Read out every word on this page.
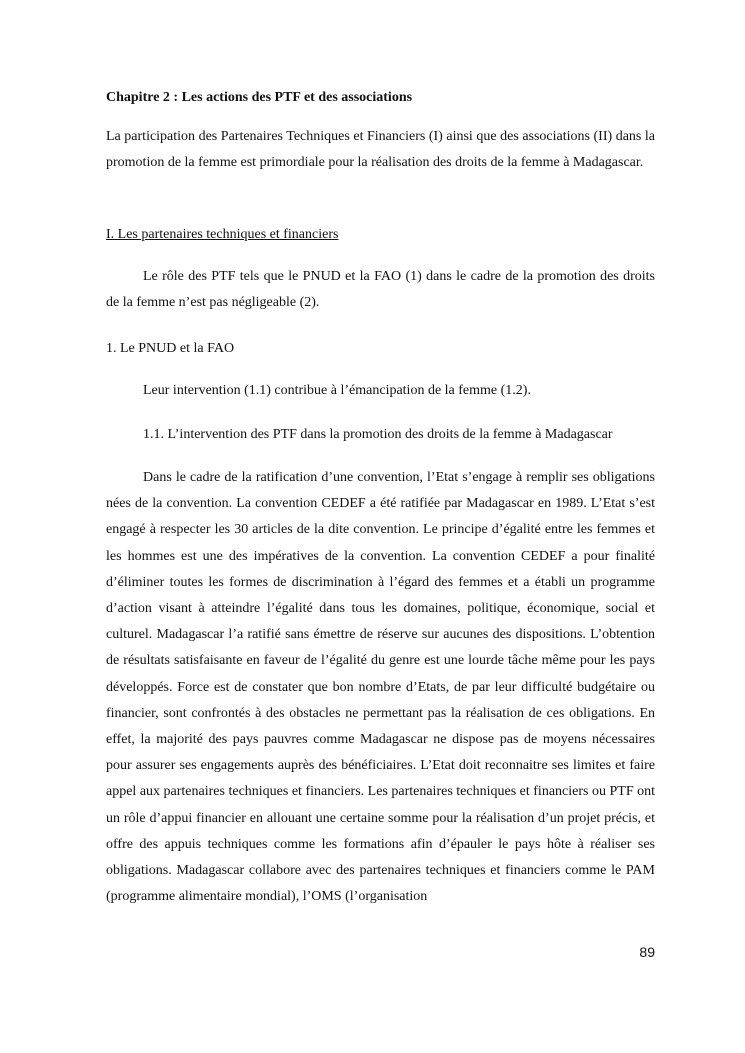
Chapitre 2 : Les actions des PTF et des associations

La participation des Partenaires Techniques et Financiers (I) ainsi que des associations (II) dans la promotion de la femme est primordiale pour la réalisation des droits de la femme à Madagascar.

I. Les partenaires techniques et financiers

Le rôle des PTF tels que le PNUD et la FAO (1) dans le cadre de la promotion des droits de la femme n’est pas négligeable (2).

1. Le PNUD et la FAO

Leur intervention (1.1) contribue à l’émancipation de la femme (1.2).

1.1. L’intervention des PTF dans la promotion des droits de la femme à Madagascar

Dans le cadre de la ratification d’une convention, l’Etat s’engage à remplir ses obligations nées de la convention. La convention CEDEF a été ratifiée par Madagascar en 1989. L’Etat s’est engagé à respecter les 30 articles de la dite convention. Le principe d’égalité entre les femmes et les hommes est une des impératives de la convention. La convention CEDEF a pour finalité d’éliminer toutes les formes de discrimination à l’égard des femmes et a établi un programme d’action visant à atteindre l’égalité dans tous les domaines, politique, économique, social et culturel. Madagascar l’a ratifié sans émettre de réserve sur aucunes des dispositions. L’obtention de résultats satisfaisante en faveur de l’égalité du genre est une lourde tâche même pour les pays développés. Force est de constater que bon nombre d’Etats, de par leur difficulté budgétaire ou financier, sont confrontés à des obstacles ne permettant pas la réalisation de ces obligations. En effet, la majorité des pays pauvres comme Madagascar ne dispose pas de moyens nécessaires pour assurer ses engagements auprès des bénéficiaires. L’Etat doit reconnaitre ses limites et faire appel aux partenaires techniques et financiers. Les partenaires techniques et financiers ou PTF ont un rôle d’appui financier en allouant une certaine somme pour la réalisation d’un projet précis, et offre des appuis techniques comme les formations afin d’épauler le pays hôte à réaliser ses obligations. Madagascar collabore avec des partenaires techniques et financiers comme le PAM (programme alimentaire mondial), l’OMS (l’organisation

89
